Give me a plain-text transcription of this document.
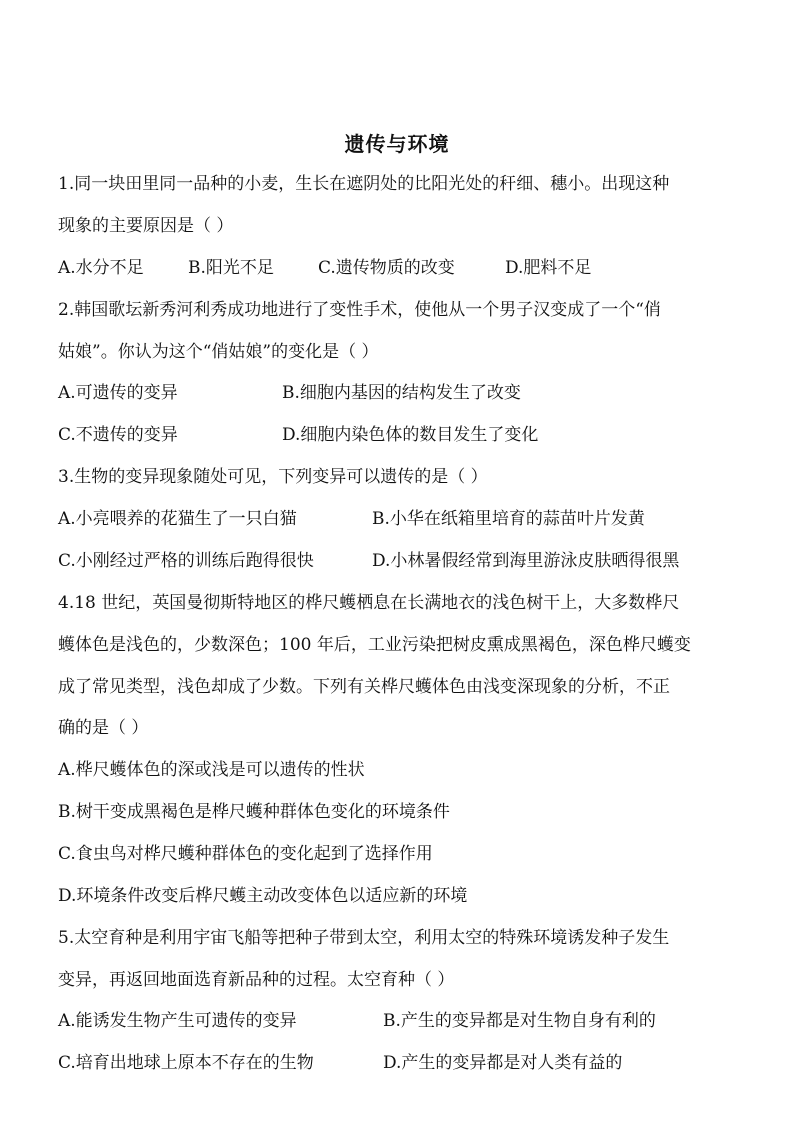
遗传与环境
1.同一块田里同一品种的小麦，生长在遮阴处的比阳光处的秆细、穗小。出现这种
现象的主要原因是（ ）
A.水分不足	B.阳光不足	C.遗传物质的改变	D.肥料不足
2.韩国歌坛新秀河利秀成功地进行了变性手术，使他从一个男子汉变成了一个“俏
姑娘”。你认为这个“俏姑娘”的变化是（ ）
A.可遗传的变异	B.细胞内基因的结构发生了改变
C.不遗传的变异	D.细胞内染色体的数目发生了变化
3.生物的变异现象随处可见，下列变异可以遗传的是（ ）
A.小亮喂养的花猫生了一只白猫	B.小华在纸箱里培育的蒜苗叶片发黄
C.小刚经过严格的训练后跑得很快	D.小林暑假经常到海里游泳皮肤晒得很黑
4.18 世纪，英国曼彻斯特地区的桦尺蠖栖息在长满地衣的浅色树干上，大多数桦尺
蠖体色是浅色的，少数深色；100 年后，工业污染把树皮熏成黑褐色，深色桦尺蠖变
成了常见类型，浅色却成了少数。下列有关桦尺蠖体色由浅变深现象的分析，不正
确的是（ ）
A.桦尺蠖体色的深或浅是可以遗传的性状
B.树干变成黑褐色是桦尺蠖种群体色变化的环境条件
C.食虫鸟对桦尺蠖种群体色的变化起到了选择作用
D.环境条件改变后桦尺蠖主动改变体色以适应新的环境
5.太空育种是利用宇宙飞船等把种子带到太空，利用太空的特殊环境诱发种子发生
变异，再返回地面选育新品种的过程。太空育种（ ）
A.能诱发生物产生可遗传的变异	B.产生的变异都是对生物自身有利的
C.培育出地球上原本不存在的生物	D.产生的变异都是对人类有益的
